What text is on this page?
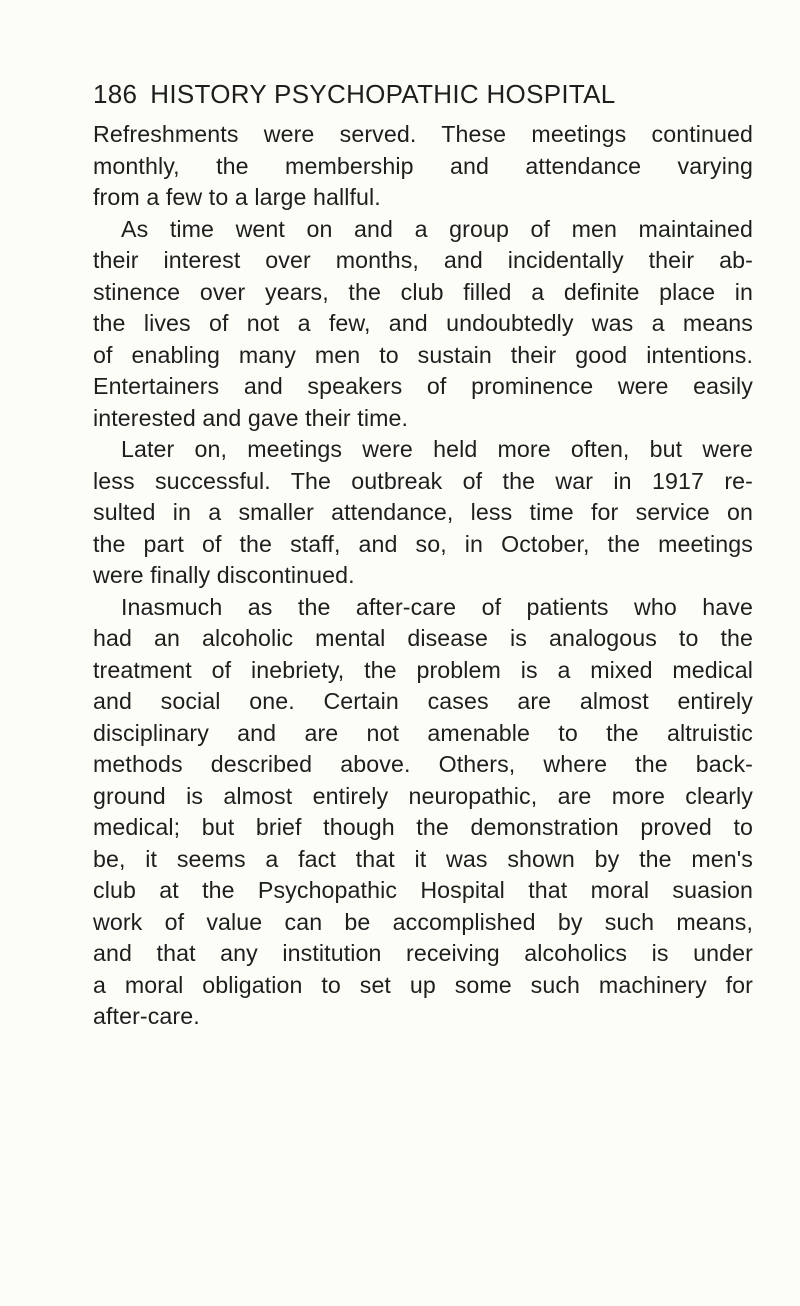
186 HISTORY PSYCHOPATHIC HOSPITAL
Refreshments were served. These meetings continued
monthly, the membership and attendance varying
from a few to a large hallful.
As time went on and a group of men maintained
their interest over months, and incidentally their ab-
stinence over years, the club filled a definite place in
the lives of not a few, and undoubtedly was a means
of enabling many men to sustain their good intentions.
Entertainers and speakers of prominence were easily
interested and gave their time.
Later on, meetings were held more often, but were
less successful. The outbreak of the war in 1917 re-
sulted in a smaller attendance, less time for service on
the part of the staff, and so, in October, the meetings
were finally discontinued.
Inasmuch as the after-care of patients who have
had an alcoholic mental disease is analogous to the
treatment of inebriety, the problem is a mixed medical
and social one. Certain cases are almost entirely
disciplinary and are not amenable to the altruistic
methods described above. Others, where the back-
ground is almost entirely neuropathic, are more clearly
medical; but brief though the demonstration proved to
be, it seems a fact that it was shown by the men's
club at the Psychopathic Hospital that moral suasion
work of value can be accomplished by such means,
and that any institution receiving alcoholics is under
a moral obligation to set up some such machinery for
after-care.
